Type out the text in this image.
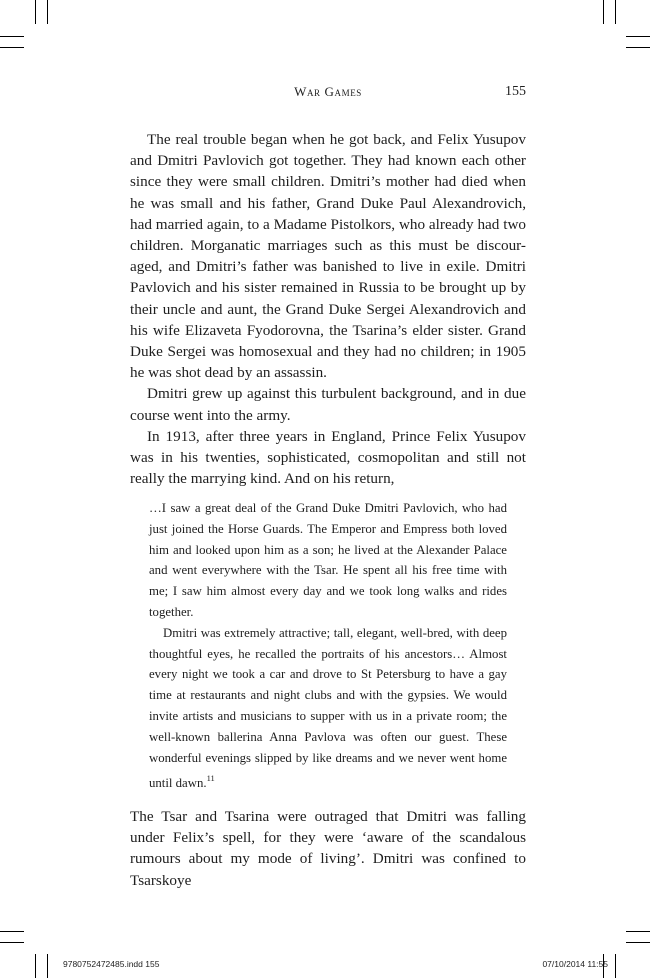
War Games	155

The real trouble began when he got back, and Felix Yusupov and Dmitri Pavlovich got together. They had known each other since they were small children. Dmitri’s mother had died when he was small and his father, Grand Duke Paul Alexandrovich, had married again, to a Madame Pistolkors, who already had two children. Morganatic marriages such as this must be discour-aged, and Dmitri’s father was banished to live in exile. Dmitri Pavlovich and his sister remained in Russia to be brought up by their uncle and aunt, the Grand Duke Sergei Alexandrovich and his wife Elizaveta Fyodorovna, the Tsarina’s elder sister. Grand Duke Sergei was homosexual and they had no children; in 1905 he was shot dead by an assassin.

Dmitri grew up against this turbulent background, and in due course went into the army.

In 1913, after three years in England, Prince Felix Yusupov was in his twenties, sophisticated, cosmopolitan and still not really the marrying kind. And on his return,

…I saw a great deal of the Grand Duke Dmitri Pavlovich, who had just joined the Horse Guards. The Emperor and Empress both loved him and looked upon him as a son; he lived at the Alexander Palace and went everywhere with the Tsar. He spent all his free time with me; I saw him almost every day and we took long walks and rides together.

Dmitri was extremely attractive; tall, elegant, well-bred, with deep thoughtful eyes, he recalled the portraits of his ancestors… Almost every night we took a car and drove to St Petersburg to have a gay time at restaurants and night clubs and with the gypsies. We would invite artists and musicians to supper with us in a private room; the well-known ballerina Anna Pavlova was often our guest. These wonderful evenings slipped by like dreams and we never went home until dawn.$^{11}$

The Tsar and Tsarina were outraged that Dmitri was falling under Felix’s spell, for they were ‘aware of the scandalous rumours about my mode of living’. Dmitri was confined to Tsarskoye

9780752472485.indd 155	07/10/2014 11:55
